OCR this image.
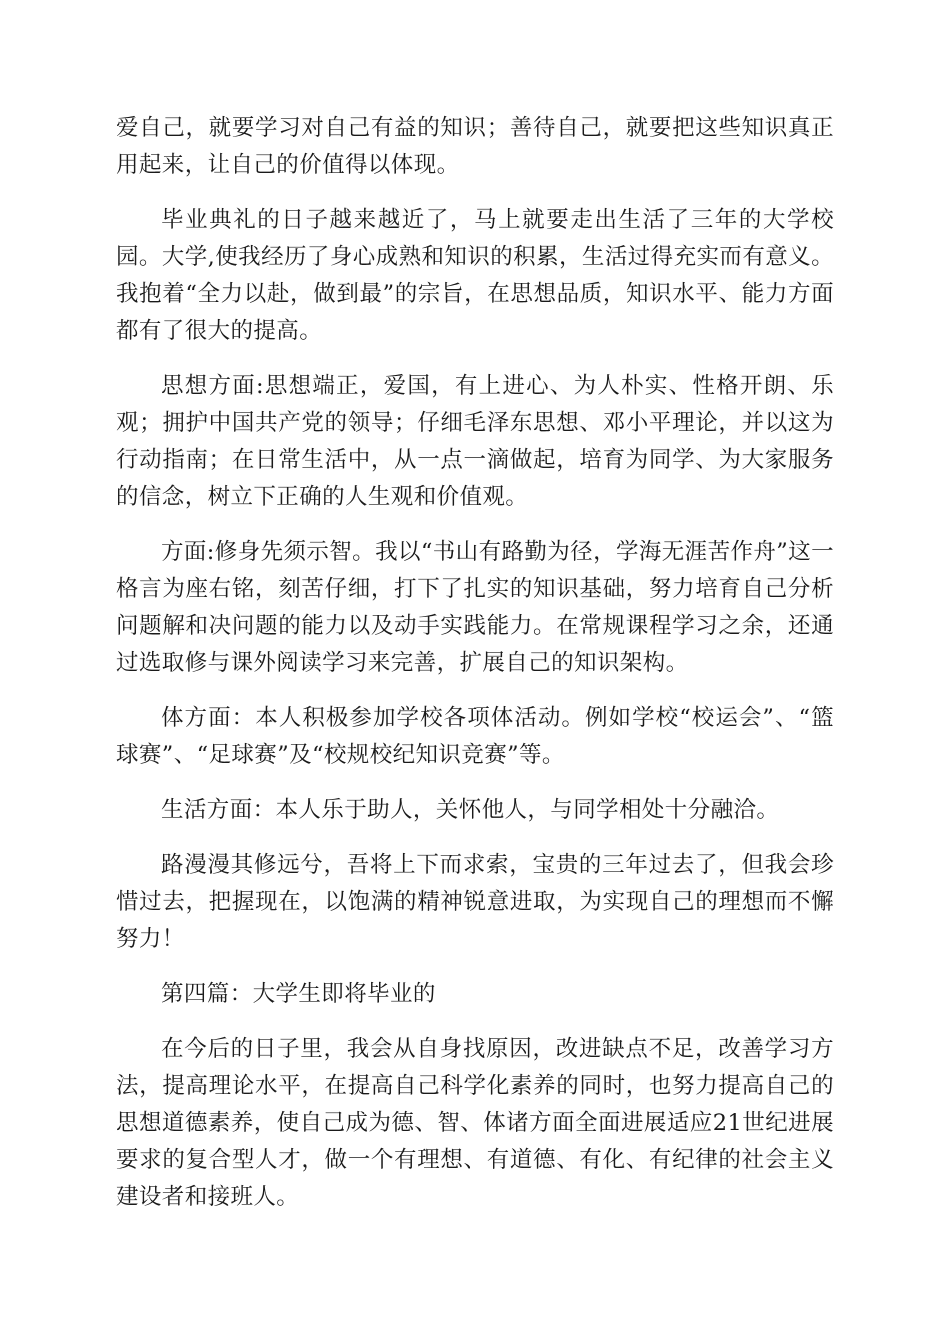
爱自己，就要学习对自己有益的知识；善待自己，就要把这些知识真正用起来，让自己的价值得以体现。

毕业典礼的日子越来越近了，马上就要走出生活了三年的大学校园。大学,使我经历了身心成熟和知识的积累，生活过得充实而有意义。我抱着“全力以赴，做到最”的宗旨，在思想品质，知识水平、能力方面都有了很大的提高。

思想方面:思想端正，爱国，有上进心、为人朴实、性格开朗、乐观；拥护中国共产党的领导；仔细毛泽东思想、邓小平理论，并以这为行动指南；在日常生活中，从一点一滴做起，培育为同学、为大家服务的信念，树立下正确的人生观和价值观。

方面:修身先须示智。我以“书山有路勤为径，学海无涯苦作舟”这一格言为座右铭，刻苦仔细，打下了扎实的知识基础，努力培育自己分析问题解和决问题的能力以及动手实践能力。在常规课程学习之余，还通过选取修与课外阅读学习来完善，扩展自己的知识架构。

体方面：本人积极参加学校各项体活动。例如学校“校运会”、“篮球赛”、“足球赛”及“校规校纪知识竞赛”等。

生活方面：本人乐于助人，关怀他人，与同学相处十分融洽。

路漫漫其修远兮，吾将上下而求索，宝贵的三年过去了，但我会珍惜过去，把握现在，以饱满的精神锐意进取，为实现自己的理想而不懈努力！

第四篇：大学生即将毕业的

在今后的日子里，我会从自身找原因，改进缺点不足，改善学习方法，提高理论水平，在提高自己科学化素养的同时，也努力提高自己的思想道德素养，使自己成为德、智、体诸方面全面进展适应21世纪进展要求的复合型人才，做一个有理想、有道德、有化、有纪律的社会主义建设者和接班人。
